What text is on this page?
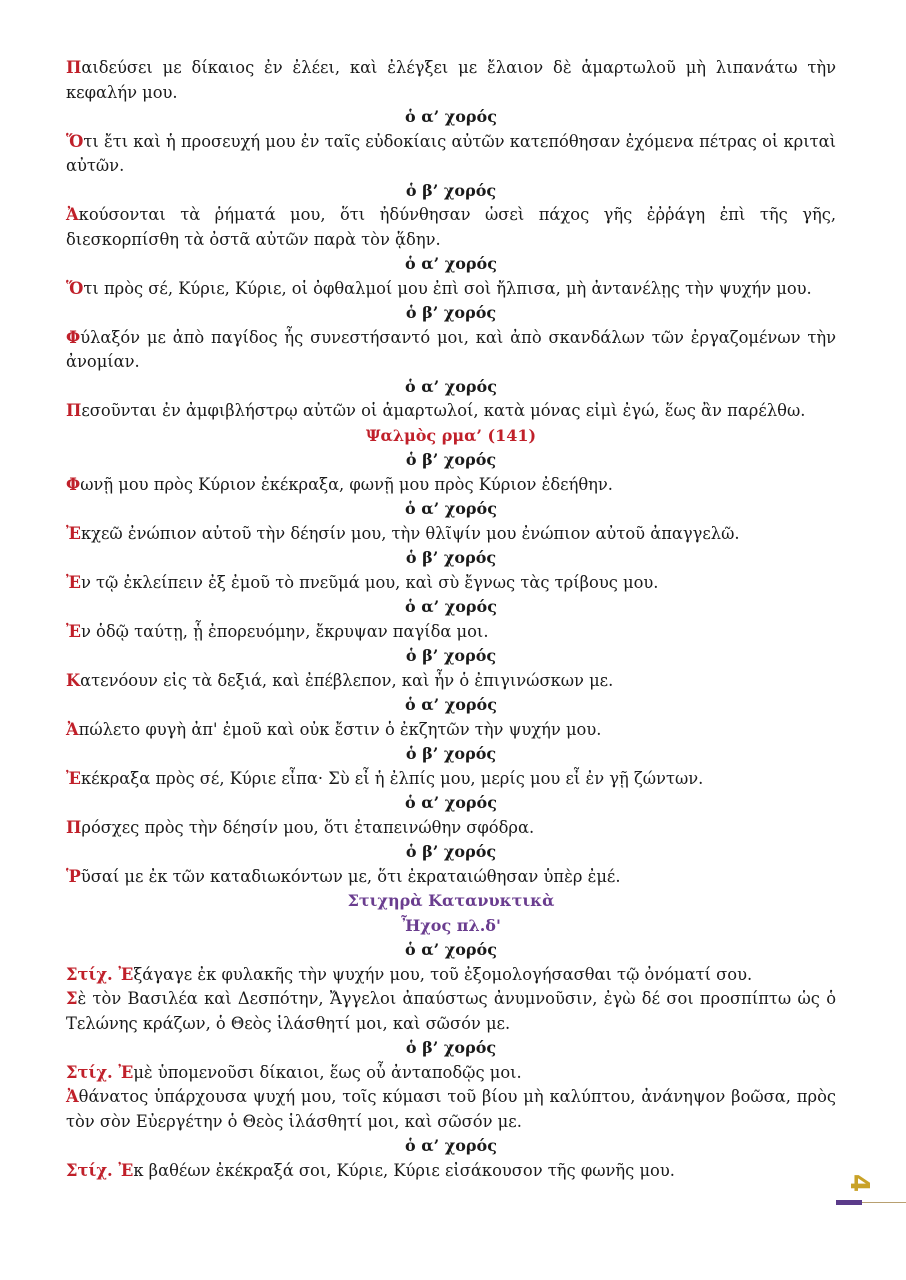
Παιδεύσει με δίκαιος ἐν ἐλέει, καὶ ἐλέγξει με ἔλαιον δὲ ἁμαρτωλοῦ μὴ λιπανάτω τὴν κεφαλήν μου.

ὁ α’ χορός

Ὅτι ἔτι καὶ ἡ προσευχή μου ἐν ταῖς εὐδοκίαις αὐτῶν κατεπόθησαν ἐχόμενα πέτρας οἱ κριταὶ αὐτῶν.

ὁ β’ χορός

Ἀκούσονται τὰ ῥήματά μου, ὅτι ἠδύνθησαν ὡσεὶ πάχος γῆς ἐῤῥάγη ἐπὶ τῆς γῆς, διεσκορπίσθη τὰ ὀστᾶ αὐτῶν παρὰ τὸν ᾅδην.

ὁ α’ χορός

Ὅτι πρὸς σέ, Κύριε, Κύριε, οἱ ὀφθαλμοί μου ἐπὶ σοὶ ἤλπισα, μὴ ἀντανέλῃς τὴν ψυχήν μου.

ὁ β’ χορός

Φύλαξόν με ἀπὸ παγίδος ἧς συνεστήσαντό μοι, καὶ ἀπὸ σκανδάλων τῶν ἐργαζομένων τὴν ἀνομίαν.

ὁ α’ χορός

Πεσοῦνται ἐν ἀμφιβλήστρῳ αὐτῶν οἱ ἁμαρτωλοί, κατὰ μόνας εἰμὶ ἐγώ, ἕως ἂν παρέλθω.

Ψαλμὸς ρμα’ (141)

ὁ β’ χορός

Φωνῇ μου πρὸς Κύριον ἐκέκραξα, φωνῇ μου πρὸς Κύριον ἐδεήθην.

ὁ α’ χορός

Ἐκχεῶ ἐνώπιον αὐτοῦ τὴν δέησίν μου, τὴν θλῖψίν μου ἐνώπιον αὐτοῦ ἀπαγγελῶ.

ὁ β’ χορός

Ἐν τῷ ἐκλείπειν ἐξ ἐμοῦ τὸ πνεῦμά μου, καὶ σὺ ἔγνως τὰς τρίβους μου.

ὁ α’ χορός

Ἐν ὁδῷ ταύτῃ, ᾗ ἐπορευόμην, ἔκρυψαν παγίδα μοι.

ὁ β’ χορός

Κατενόουν εἰς τὰ δεξιά, καὶ ἐπέβλεπον, καὶ ἦν ὁ ἐπιγινώσκων με.

ὁ α’ χορός

Ἀπώλετο φυγὴ ἀπ' ἐμοῦ καὶ οὐκ ἔστιν ὁ ἐκζητῶν τὴν ψυχήν μου.

ὁ β’ χορός

Ἐκέκραξα πρὸς σέ, Κύριε εἶπα· Σὺ εἶ ἡ ἐλπίς μου, μερίς μου εἶ ἐν γῇ ζώντων.

ὁ α’ χορός

Πρόσχες πρὸς τὴν δέησίν μου, ὅτι ἐταπεινώθην σφόδρα.

ὁ β’ χορός

Ῥῦσαί με ἐκ τῶν καταδιωκόντων με, ὅτι ἐκραταιώθησαν ὑπὲρ ἐμέ.

Στιχηρὰ Κατανυκτικὰ

Ἦχος πλ.δ'

ὁ α’ χορός

Στίχ. Ἐξάγαγε ἐκ φυλακῆς τὴν ψυχήν μου, τοῦ ἐξομολογήσασθαι τῷ ὀνόματί σου.

Σὲ τὸν Βασιλέα καὶ Δεσπότην, Ἄγγελοι ἀπαύστως ἀνυμνοῦσιν, ἐγὼ δέ σοι προσπίπτω ὡς ὁ Τελώνης κράζων, ὁ Θεὸς ἱλάσθητί μοι, καὶ σῶσόν με.

ὁ β’ χορός

Στίχ. Ἐμὲ ὑπομενοῦσι δίκαιοι, ἕως οὗ ἀνταποδῷς μοι.

Ἀθάνατος ὑπάρχουσα ψυχή μου, τοῖς κύμασι τοῦ βίου μὴ καλύπτου, ἀνάνηψον βοῶσα, πρὸς τὸν σὸν Εὐεργέτην ὁ Θεὸς ἱλάσθητί μοι, καὶ σῶσόν με.

ὁ α’ χορός

Στίχ. Ἐκ βαθέων ἐκέκραξά σοι, Κύριε, Κύριε εἰσάκουσον τῆς φωνῆς μου.

4
